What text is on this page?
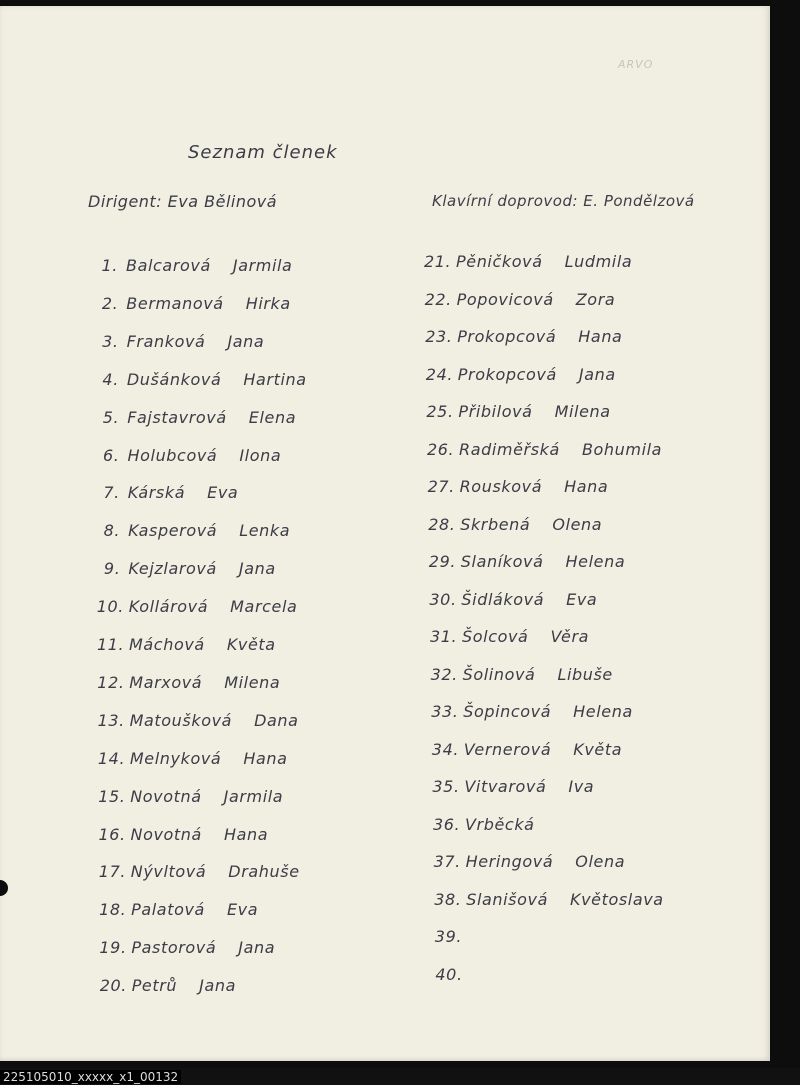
ARVO
Seznam členek
Dirigent: Eva Bělinová	Klavírní doprovod: E. Pondělzová
1. Balcarová Jarmila
2. Bermanová Hirka
3. Franková Jana
4. Dušánková Hartina
5. Fajstavrová Elena
6. Holubcová Ilona
7. Kárská Eva
8. Kasperová Lenka
9. Kejzlarová Jana
10. Kollárová Marcela
11. Máchová Květa
12. Marxová Milena
13. Matoušková Dana
14. Melnyková Hana
15. Novotná Jarmila
16. Novotná Hana
17. Nývltová Drahuše
18. Palatová Eva
19. Pastorová Jana
20. Petrů Jana
21. Pěničková Ludmila
22. Popovicová Zora
23. Prokopcová Hana
24. Prokopcová Jana
25. Přibilová Milena
26. Radiměřská Bohumila
27. Rousková Hana
28. Skrbená Olena
29. Slaníková Helena
30. Šidláková Eva
31. Šolcová Věra
32. Šolinová Libuše
33. Šopincová Helena
34. Vernerová Květa
35. Vitvarová Iva
36. Vrběcká
37. Heringová Olena
38. Slanišová Květoslava
39.
40.
225105010_xxxxx_x1_00132
